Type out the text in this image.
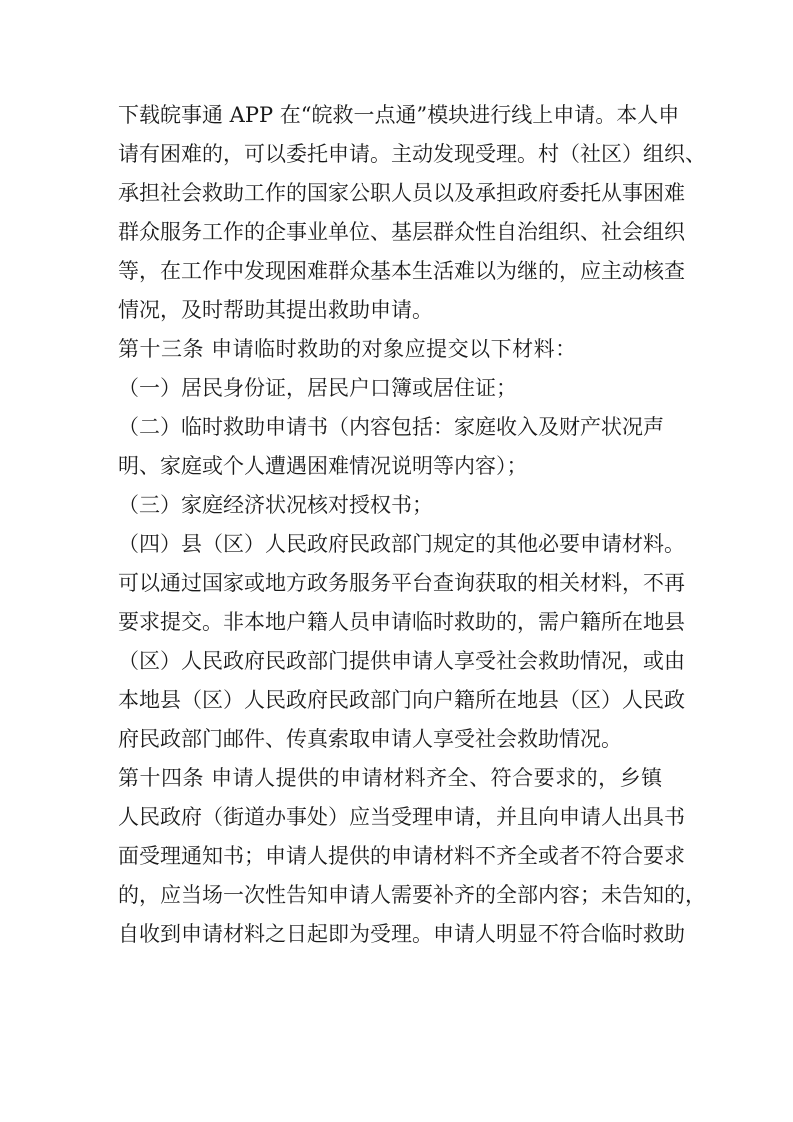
下载皖事通 APP 在“皖救一点通”模块进行线上申请。本人申
请有困难的，可以委托申请。主动发现受理。村（社区）组织、
承担社会救助工作的国家公职人员以及承担政府委托从事困难
群众服务工作的企事业单位、基层群众性自治组织、社会组织
等，在工作中发现困难群众基本生活难以为继的，应主动核查
情况，及时帮助其提出救助申请。
第十三条 申请临时救助的对象应提交以下材料：
（一）居民身份证，居民户口簿或居住证；
（二）临时救助申请书（内容包括：家庭收入及财产状况声
明、家庭或个人遭遇困难情况说明等内容）；
（三）家庭经济状况核对授权书；
（四）县（区）人民政府民政部门规定的其他必要申请材料。
可以通过国家或地方政务服务平台查询获取的相关材料，不再
要求提交。非本地户籍人员申请临时救助的，需户籍所在地县
（区）人民政府民政部门提供申请人享受社会救助情况，或由
本地县（区）人民政府民政部门向户籍所在地县（区）人民政
府民政部门邮件、传真索取申请人享受社会救助情况。
第十四条 申请人提供的申请材料齐全、符合要求的，乡镇
人民政府（街道办事处）应当受理申请，并且向申请人出具书
面受理通知书；申请人提供的申请材料不齐全或者不符合要求
的，应当场一次性告知申请人需要补齐的全部内容；未告知的，
自收到申请材料之日起即为受理。申请人明显不符合临时救助
